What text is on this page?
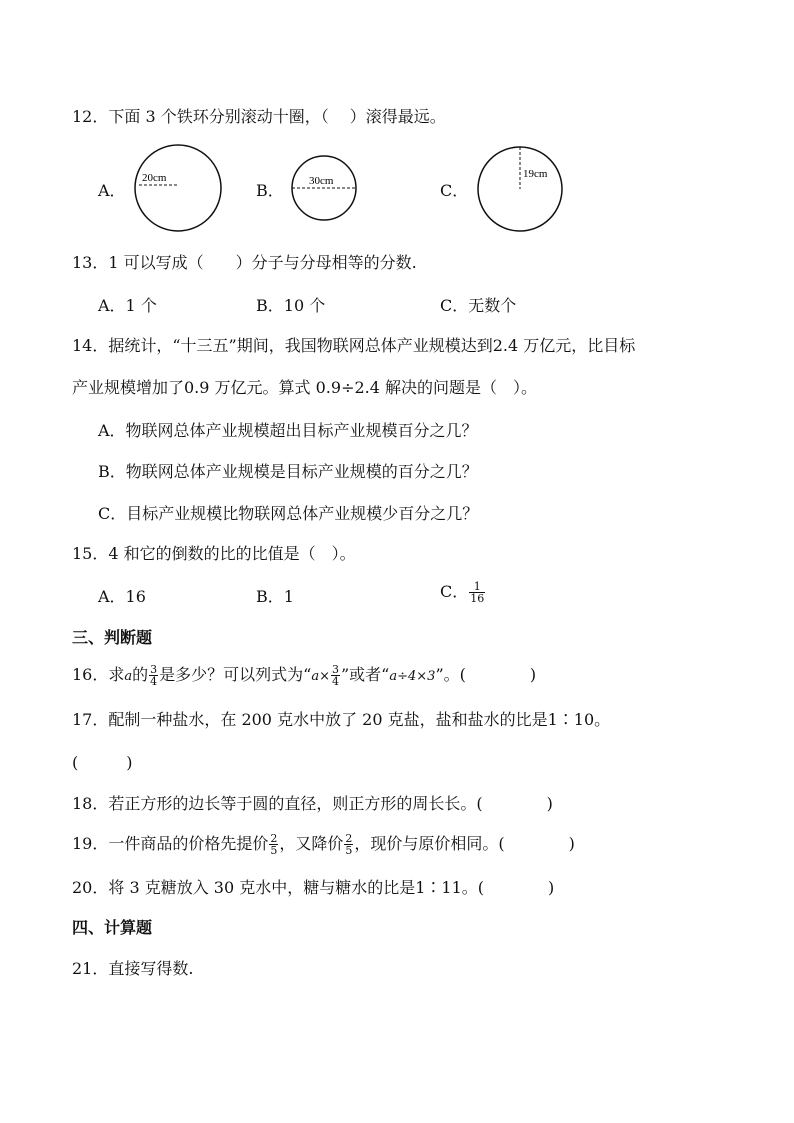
12．下面 3 个铁环分别滚动十圈，（　 ）滚得最远。
A．
20cm
B． 30cm	C．
19cm
13．1 可以写成（　　）分子与分母相等的分数.
A．1 个	B．10 个	C．无数个
14．据统计，“十三五”期间，我国物联网总体产业规模达到2.4 万亿元，比目标
产业规模增加了0.9 万亿元。算式 0.9÷2.4 解决的问题是（　）。
A．物联网总体产业规模超出目标产业规模百分之几？
B．物联网总体产业规模是目标产业规模的百分之几？
C．目标产业规模比物联网总体产业规模少百分之几？
15．4 和它的倒数的比的比值是（　）。
A．16	B．1	C． $\frac{1}{16}$
三、判断题
16．求a的 $\frac{3}{4}$ 是多少？可以列式为“$a\times \frac{3}{4}$ ”或者“a÷4×3”。(　　　　)
17．配制一种盐水，在 200 克水中放了 20 克盐，盐和盐水的比是1∶10。
(　　　)
18．若正方形的边长等于圆的直径，则正方形的周长长。(　　　　)
19．一件商品的价格先提价 $\frac{2}{5}$ ，又降价 $\frac{2}{5}$ ，现价与原价相同。(　　　　)
20．将 3 克糖放入 30 克水中，糖与糖水的比是1∶11。(　　　　)
四、计算题
21．直接写得数.
